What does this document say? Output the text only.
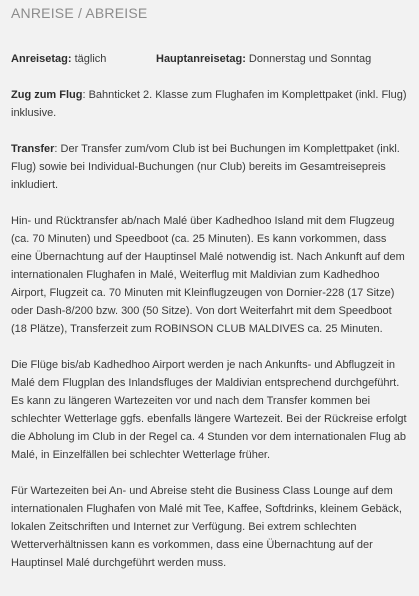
ANREISE / ABREISE
Anreisetag: täglich	Hauptanreisetag: Donnerstag und Sonntag

Zug zum Flug: Bahnticket 2. Klasse zum Flughafen im Komplettpaket (inkl. Flug) inklusive.

Transfer: Der Transfer zum/vom Club ist bei Buchungen im Komplettpaket (inkl. Flug) sowie bei Individual-Buchungen (nur Club) bereits im Gesamtreisepreis inkludiert.

Hin- und Rücktransfer ab/nach Malé über Kadhedhoo Island mit dem Flugzeug (ca. 70 Minuten) und Speedboot (ca. 25 Minuten). Es kann vorkommen, dass eine Übernachtung auf der Hauptinsel Malé notwendig ist. Nach Ankunft auf dem internationalen Flughafen in Malé, Weiterflug mit Maldivian zum Kadhedhoo Airport, Flugzeit ca. 70 Minuten mit Kleinflugzeugen von Dornier-228 (17 Sitze) oder Dash-8/200 bzw. 300 (50 Sitze). Von dort Weiterfahrt mit dem Speedboot (18 Plätze), Transferzeit zum ROBINSON CLUB MALDIVES ca. 25 Minuten.

Die Flüge bis/ab Kadhedhoo Airport werden je nach Ankunfts- und Abflugzeit in Malé dem Flugplan des Inlandsfluges der Maldivian entsprechend durchgeführt. Es kann zu längeren Wartezeiten vor und nach dem Transfer kommen bei schlechter Wetterlage ggfs. ebenfalls längere Wartezeit. Bei der Rückreise erfolgt die Abholung im Club in der Regel ca. 4 Stunden vor dem internationalen Flug ab Malé, in Einzelfällen bei schlechter Wetterlage früher.

Für Wartezeiten bei An- und Abreise steht die Business Class Lounge auf dem internationalen Flughafen von Malé mit Tee, Kaffee, Softdrinks, kleinem Gebäck, lokalen Zeitschriften und Internet zur Verfügung. Bei extrem schlechten Wetterverhältnissen kann es vorkommen, dass eine Übernachtung auf der Hauptinsel Malé durchgeführt werden muss.
